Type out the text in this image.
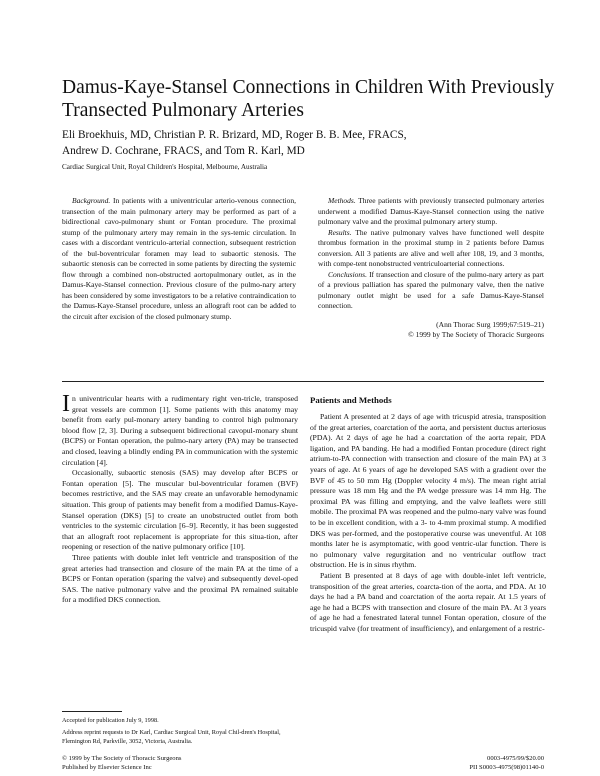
Damus-Kaye-Stansel Connections in Children With Previously Transected Pulmonary Arteries
Eli Broekhuis, MD, Christian P. R. Brizard, MD, Roger B. B. Mee, FRACS,
Andrew D. Cochrane, FRACS, and Tom R. Karl, MD
Cardiac Surgical Unit, Royal Children's Hospital, Melbourne, Australia

Background. In patients with a univentricular arterio-venous connection, transection of the main pulmonary artery may be performed as part of a bidirectional cavo-pulmonary shunt or Fontan procedure. The proximal stump of the pulmonary artery may remain in the sys-temic circulation. In cases with a discordant ventriculo-arterial connection, subsequent restriction of the bul-boventricular foramen may lead to subaortic stenosis. The subaortic stenosis can be corrected in some patients by directing the systemic flow through a combined non-obstructed aortopulmonary outlet, as in the Damus-Kaye-Stansel connection. Previous closure of the pulmo-nary artery has been considered by some investigators to be a relative contraindication to the Damus-Kaye-Stansel procedure, unless an allograft root can be added to the circuit after excision of the closed pulmonary stump.

Methods. Three patients with previously transected pulmonary arteries underwent a modified Damus-Kaye-Stansel connection using the native pulmonary valve and the proximal pulmonary artery stump.

Results. The native pulmonary valves have functioned well despite thrombus formation in the proximal stump in 2 patients before Damus conversion. All 3 patients are alive and well after 108, 19, and 3 months, with compe-tent nonobstructed ventriculoarterial connections.

Conclusions. If transection and closure of the pulmo-nary artery as part of a previous palliation has spared the pulmonary valve, then the native pulmonary outlet might be used for a safe Damus-Kaye-Stansel connection.

(Ann Thorac Surg 1999;67:519–21)
© 1999 by The Society of Thoracic Surgeons

In univentricular hearts with a rudimentary right ven-tricle, transposed great vessels are common [1]. Some patients with this anatomy may benefit from early pul-monary artery banding to control high pulmonary blood flow [2, 3]. During a subsequent bidirectional cavopul-monary shunt (BCPS) or Fontan operation, the pulmo-nary artery (PA) may be transected and closed, leaving a blindly ending PA in communication with the systemic circulation [4].

Occasionally, subaortic stenosis (SAS) may develop after BCPS or Fontan operation [5]. The muscular bul-boventricular foramen (BVF) becomes restrictive, and the SAS may create an unfavorable hemodynamic situation. This group of patients may benefit from a modified Damus-Kaye-Stansel operation (DKS) [5] to create an unobstructed outlet from both ventricles to the systemic circulation [6–9]. Recently, it has been suggested that an allograft root replacement is appropriate for this situa-tion, after reopening or resection of the native pulmonary orifice [10].

Three patients with double inlet left ventricle and transposition of the great arteries had transection and closure of the main PA at the time of a BCPS or Fontan operation (sparing the valve) and subsequently devel-oped SAS. The native pulmonary valve and the proximal PA remained suitable for a modified DKS connection.

Accepted for publication July 9, 1998.

Address reprint requests to Dr Karl, Cardiac Surgical Unit, Royal Chil-dren's Hospital, Flemington Rd, Parkville, 3052, Victoria, Australia.

Patients and Methods

Patient A presented at 2 days of age with tricuspid atresia, transposition of the great arteries, coarctation of the aorta, and persistent ductus arteriosus (PDA). At 2 days of age he had a coarctation of the aorta repair, PDA ligation, and PA banding. He had a modified Fontan procedure (direct right atrium-to-PA connection with transection and closure of the main PA) at 3 years of age. At 6 years of age he developed SAS with a gradient over the BVF of 45 to 50 mm Hg (Doppler velocity 4 m/s). The mean right atrial pressure was 18 mm Hg and the PA wedge pressure was 14 mm Hg. The proximal PA was filling and emptying, and the valve leaflets were still mobile. The proximal PA was reopened and the pulmo-nary valve was found to be in excellent condition, with a 3- to 4-mm proximal stump. A modified DKS was per-formed, and the postoperative course was uneventful. At 108 months later he is asymptomatic, with good ventric-ular function. There is no pulmonary valve regurgitation and no ventricular outflow tract obstruction. He is in sinus rhythm.

Patient B presented at 8 days of age with double-inlet left ventricle, transposition of the great arteries, coarcta-tion of the aorta, and PDA. At 10 days he had a PA band and coarctation of the aorta repair. At 1.5 years of age he had a BCPS with transection and closure of the main PA. At 3 years of age he had a fenestrated lateral tunnel Fontan operation, closure of the tricuspid valve (for treatment of insufficiency), and enlargement of a restric-

© 1999 by The Society of Thoracic Surgeons
Published by Elsevier Science Inc
0003-4975/99/$20.00
PII S0003-4975(98)01140-0
